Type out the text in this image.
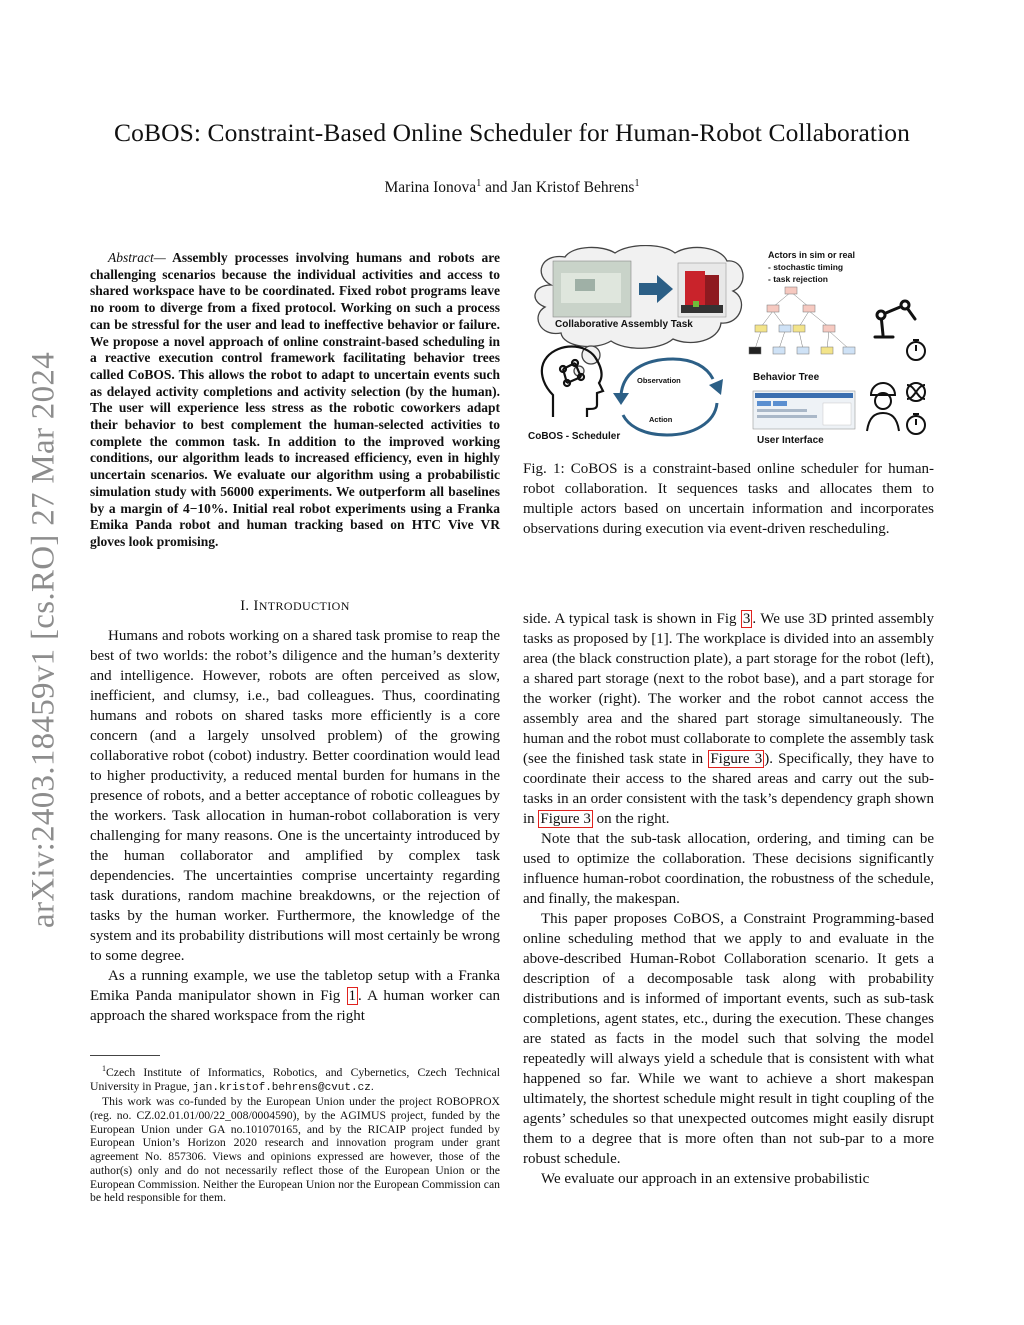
arXiv:2403.18459v1 [cs.RO] 27 Mar 2024
CoBOS: Constraint-Based Online Scheduler for Human-Robot Collaboration
Marina Ionova$^1$ and Jan Kristof Behrens$^1$
Abstract— Assembly processes involving humans and robots are challenging scenarios because the individual activities and access to shared workspace have to be coordinated. Fixed robot programs leave no room to diverge from a fixed protocol. Working on such a process can be stressful for the user and lead to ineffective behavior or failure. We propose a novel approach of online constraint-based scheduling in a reactive execution control framework facilitating behavior trees called CoBOS. This allows the robot to adapt to uncertain events such as delayed activity completions and activity selection (by the human). The user will experience less stress as the robotic coworkers adapt their behavior to best complement the human-selected activities to complete the common task. In addition to the improved working conditions, our algorithm leads to increased efficiency, even in highly uncertain scenarios. We evaluate our algorithm using a probabilistic simulation study with 56000 experiments. We outperform all baselines by a margin of 4−10%. Initial real robot experiments using a Franka Emika Panda robot and human tracking based on HTC Vive VR gloves look promising.
I. INTRODUCTION

Humans and robots working on a shared task promise to reap the best of two worlds: the robot’s diligence and the human’s dexterity and intelligence. However, robots are often perceived as slow, inefficient, and clumsy, i.e., bad colleagues. Thus, coordinating humans and robots on shared tasks more efficiently is a core concern (and a largely unsolved problem) of the growing collaborative robot (cobot) industry. Better coordination would lead to higher productivity, a reduced mental burden for humans in the presence of robots, and a better acceptance of robotic colleagues by the workers. Task allocation in human-robot collaboration is very challenging for many reasons. One is the uncertainty introduced by the human collaborator and amplified by complex task dependencies. The uncertainties comprise uncertainty regarding task durations, random machine breakdowns, or the rejection of tasks by the human worker. Furthermore, the knowledge of the system and its probability distributions will most certainly be wrong to some degree.

As a running example, we use the tabletop setup with a Franka Emika Panda manipulator shown in Fig 1 . A human worker can approach the shared workspace from the right

$^1$Czech Institute of Informatics, Robotics, and Cybernetics, Czech Technical University in Prague, jan.kristof.behrens@cvut.cz.

This work was co-funded by the European Union under the project ROBOPROX (reg. no. CZ.02.01.01/00/22_008/0004590), by the AGIMUS project, funded by the European Union under GA no.101070165, and by the RICAIP project funded by European Union’s Horizon 2020 research and innovation program under grant agreement No. 857306. Views and opinions expressed are however, those of the author(s) only and do not necessarily reflect those of the European Union or the European Commission. Neither the European Union nor the European Commission can be held responsible for them.

Collaborative Assembly Task
Actors in sim or real
- stochastic timing
- task rejection
Behavior Tree
CoBOS - Scheduler
Observation
Action
User Interface
Fig. 1: CoBOS is a constraint-based online scheduler for human-robot collaboration. It sequences tasks and allocates them to multiple actors based on uncertain information and incorporates observations during execution via event-driven rescheduling.

side. A typical task is shown in Fig 3 . We use 3D printed assembly tasks as proposed by [1]. The workplace is divided into an assembly area (the black construction plate), a part storage for the robot (left), a shared part storage (next to the robot base), and a part storage for the worker (right). The worker and the robot cannot access the assembly area and the shared part storage simultaneously. The human and the robot must collaborate to complete the assembly task (see the finished task state in Figure 3 ). Specifically, they have to coordinate their access to the shared areas and carry out the sub-tasks in an order consistent with the task’s dependency graph shown in Figure 3 on the right.

Note that the sub-task allocation, ordering, and timing can be used to optimize the collaboration. These decisions significantly influence human-robot coordination, the robustness of the schedule, and finally, the makespan.

This paper proposes CoBOS, a Constraint Programming-based online scheduling method that we apply to and evaluate in the above-described Human-Robot Collaboration scenario. It gets a description of a decomposable task along with probability distributions and is informed of important events, such as sub-task completions, agent states, etc., during the execution. These changes are stated as facts in the model such that solving the model repeatedly will always yield a schedule that is consistent with what happened so far. While we want to achieve a short makespan ultimately, the shortest schedule might result in tight coupling of the agents’ schedules so that unexpected outcomes might easily disrupt them to a degree that is more often than not sub-par to a more robust schedule.

We evaluate our approach in an extensive probabilistic
